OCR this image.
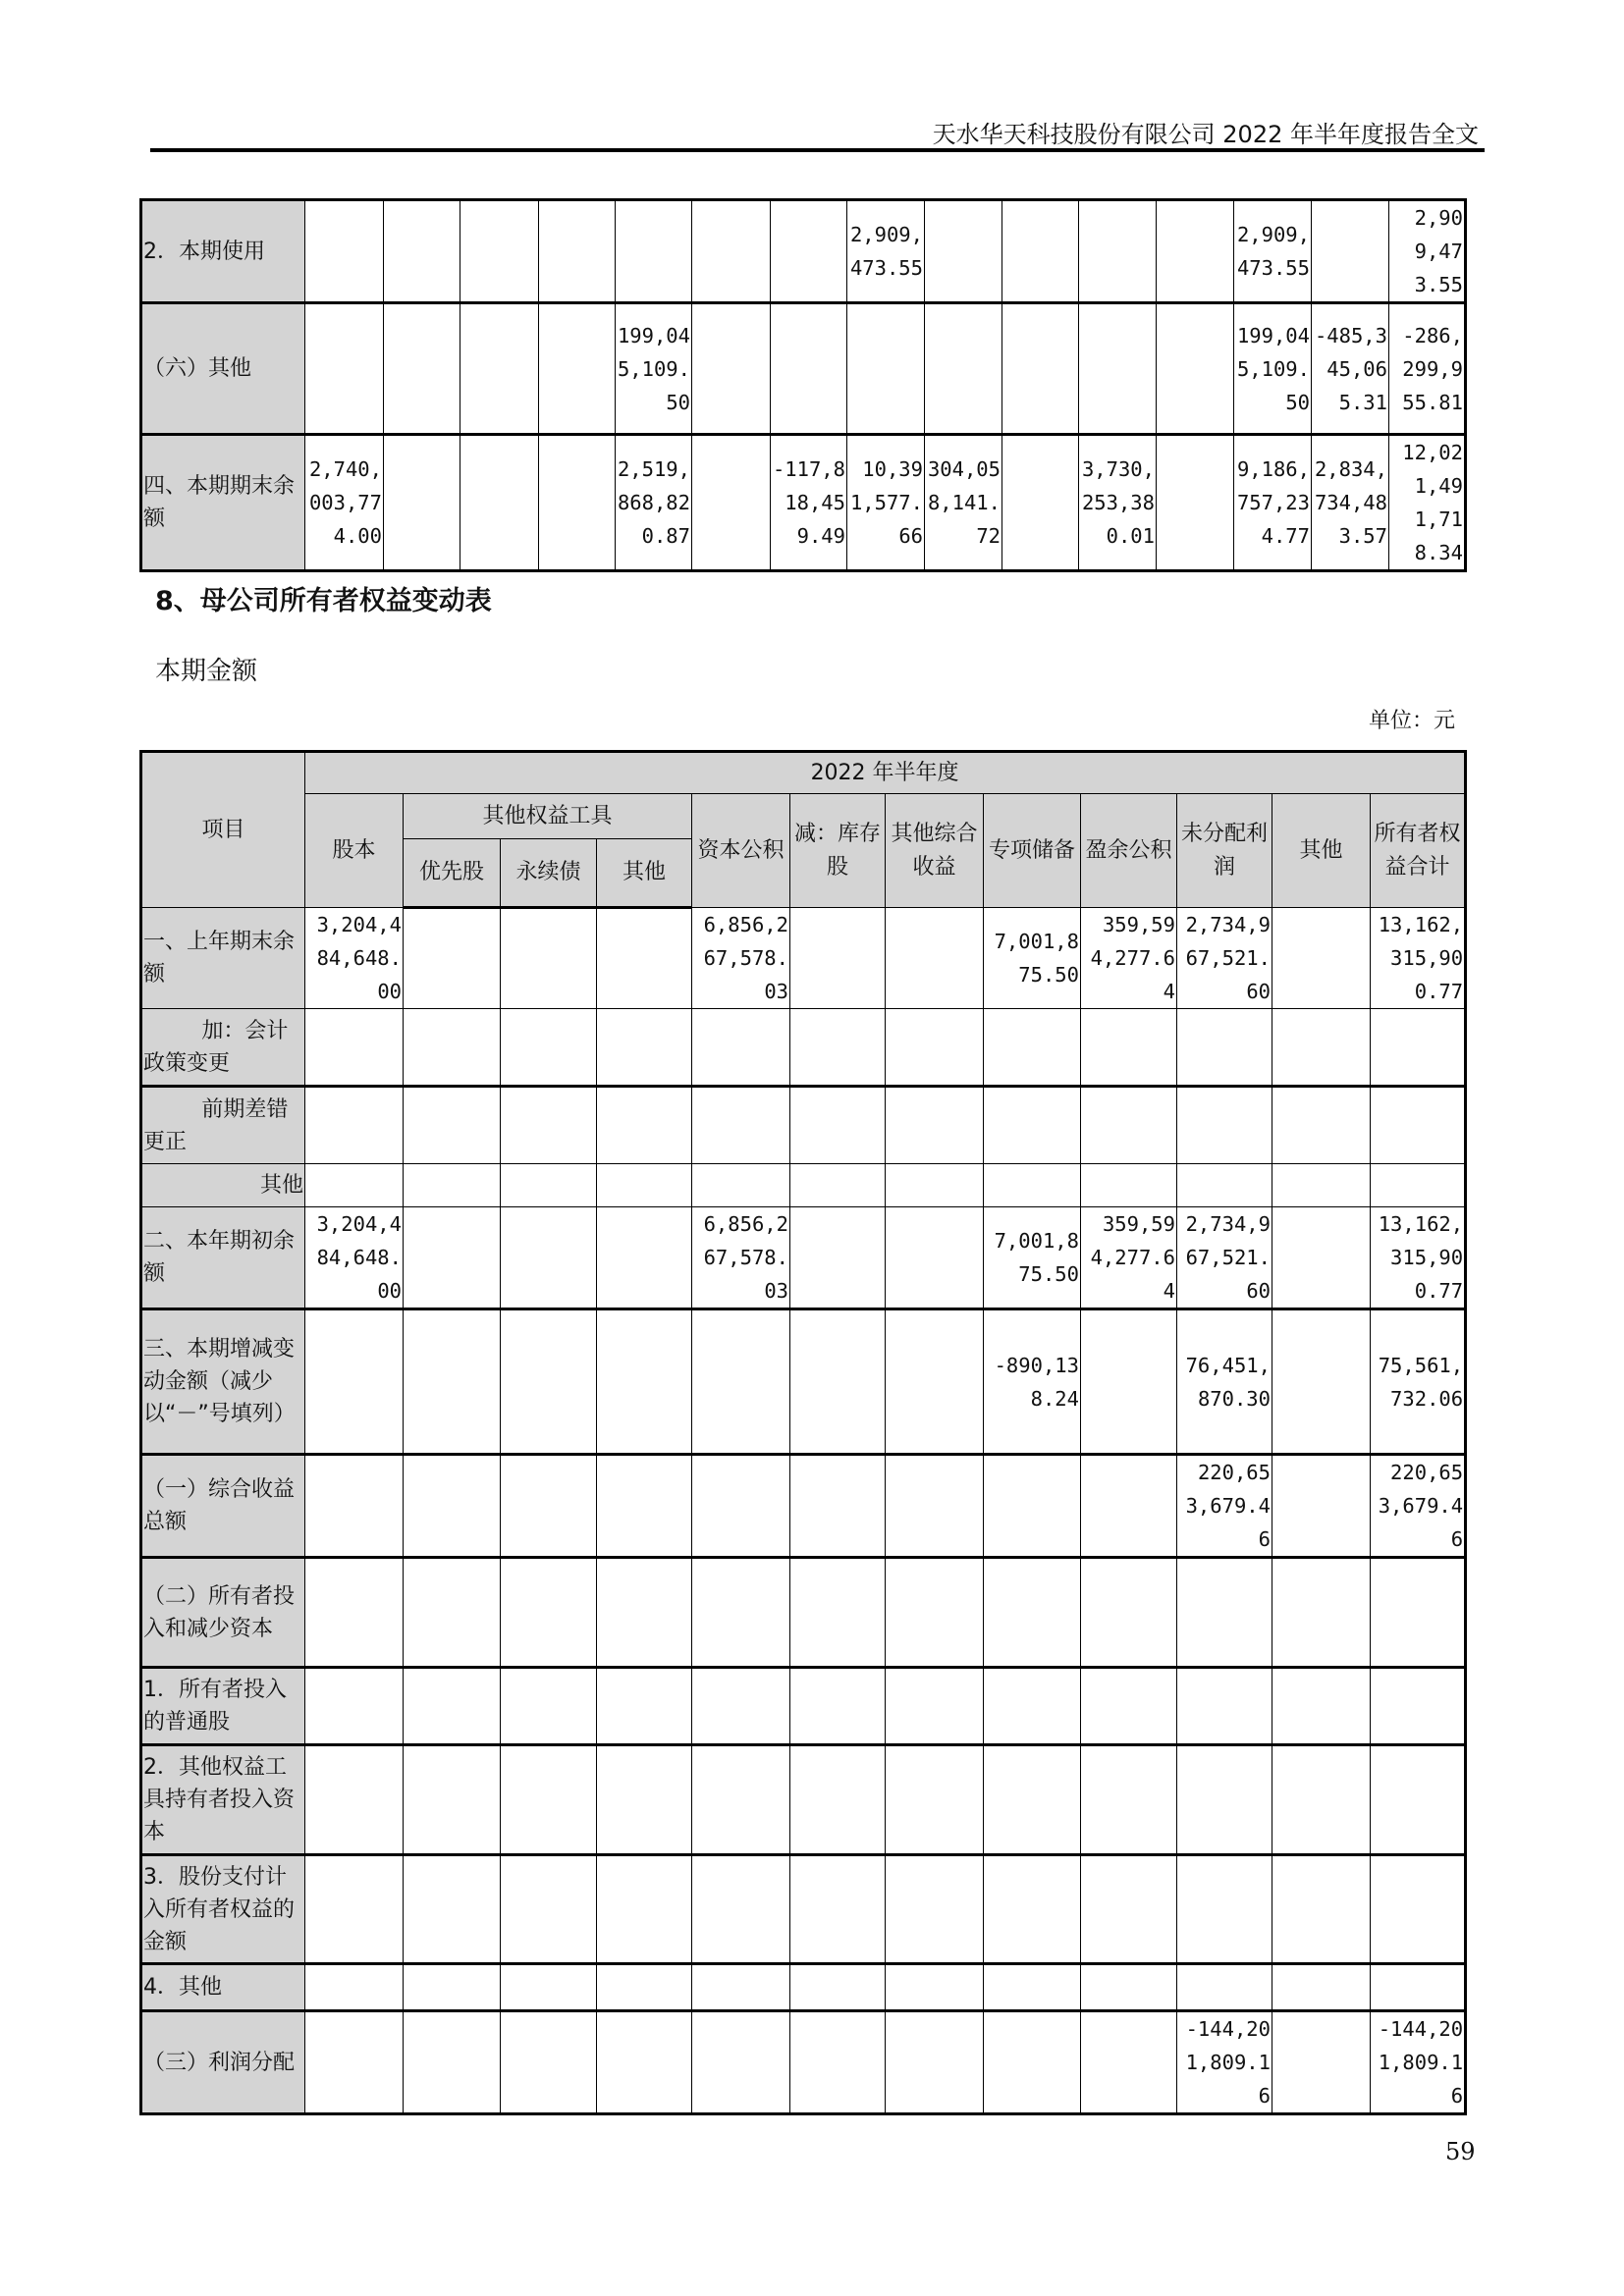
天水华天科技股份有限公司 2022 年半年度报告全文
2．本期使用								2,909,473.55					2,909,473.55		2,909,473.55
（六）其他					199,045,109.50								199,045,109.50	-485,345,065.31	-286,299,955.81
四、本期期末余额	2,740,003,774.00				2,519,868,820.87		-117,818,459.49	10,391,577.66	304,058,141.72		3,730,253,380.01		9,186,757,234.77	2,834,734,483.57	12,021,491,718.34
8、母公司所有者权益变动表
本期金额
单位：元
项目	2022 年半年度											
	股本	其他权益工具			资本公积	减：库存股	其他综合收益	专项储备	盈余公积	未分配利润	其他	所有者权益合计
		优先股	永续债	其他								
一、上年期末余额	3,204,484,648.00				6,856,267,578.03			7,001,875.50	359,594,277.64	2,734,967,521.60		13,162,315,900.77
加：会计政策变更												
前期差错更正												
其他												
二、本年期初余额	3,204,484,648.00				6,856,267,578.03			7,001,875.50	359,594,277.64	2,734,967,521.60		13,162,315,900.77
三、本期增减变动金额（减少以“－”号填列）								-890,138.24		76,451,870.30		75,561,732.06
（一）综合收益总额										220,653,679.46		220,653,679.46
（二）所有者投入和减少资本												
1．所有者投入的普通股												
2．其他权益工具持有者投入资本												
3．股份支付计入所有者权益的金额												
4．其他												
（三）利润分配										-144,201,809.16		-144,201,809.16
59
